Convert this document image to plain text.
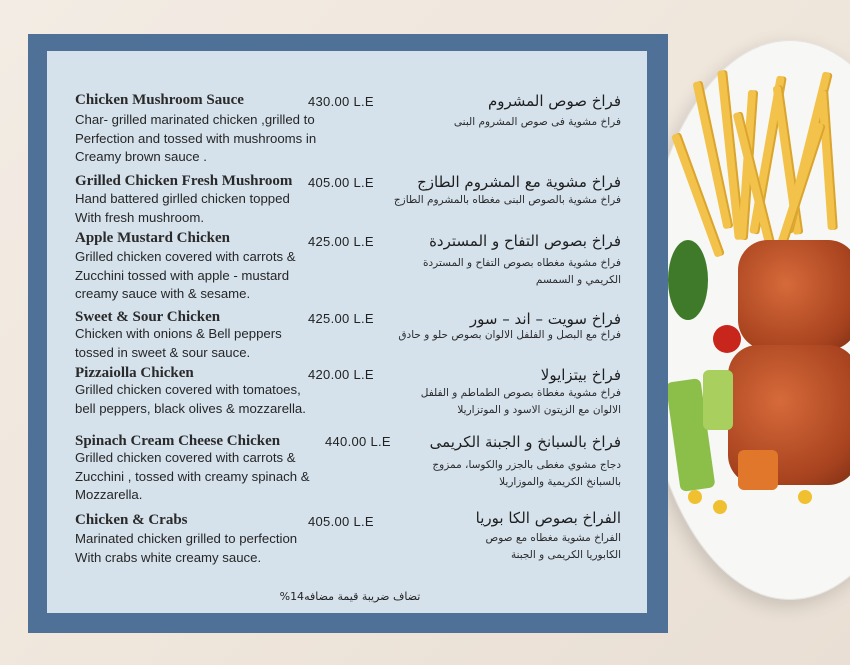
Chicken Mushroom Sauce	430.00 L.E	فراخ صوص المشروم
Char- grilled marinated chicken ,grilled to
Perfection and tossed with mushrooms in
Creamy brown sauce .
فراخ مشوية فى صوص المشروم البنى
Grilled Chicken Fresh Mushroom 405.00 L.E	فراخ مشوية مع المشروم الطازج
Hand battered girlled chicken topped
With fresh mushroom.
فراخ مشوية بالصوص البنى مغطاه بالمشروم الطازج
Apple Mustard Chicken	425.00 L.E	فراخ بصوص التفاح و المستردة
Grilled chicken covered with carrots &
Zucchini tossed with apple - mustard
creamy sauce with & sesame.
فراخ مشوية مغطاه بصوص التفاح و المستردة
الكريمي و السمسم
Sweet & Sour Chicken	425.00 L.E	فراخ سويت – اند – سور
Chicken with onions & Bell peppers
tossed in sweet & sour sauce.
فراخ مع البصل و الفلفل الالوان بصوص حلو و حادق
Pizzaiolla Chicken	420.00 L.E	فراخ بيتزايولا
Grilled chicken covered with tomatoes,
bell peppers, black olives & mozzarella.
فراخ مشوية مغطاة بصوص الطماطم و الفلفل
الالوان مع الزيتون الاسود و الموتزاريلا
Spinach Cream Cheese Chicken	440.00 L.E	فراخ بالسبانخ و الجبنة الكريمى
Grilled chicken covered with carrots &
Zucchini , tossed with creamy spinach &
Mozzarella.
دجاج مشوي مغطى بالجزر والكوسا، ممزوج
بالسبانخ الكريمية والموزاريلا
Chicken & Crabs	405.00 L.E	الفراخ بصوص الكا بوريا
Marinated chicken grilled to perfection
With crabs white creamy sauce.
الفراخ مشوية مغطاه مع صوص
الكابوريا الكريمى و الجبنة
تضاف ضريبة قيمة مضافه14%
